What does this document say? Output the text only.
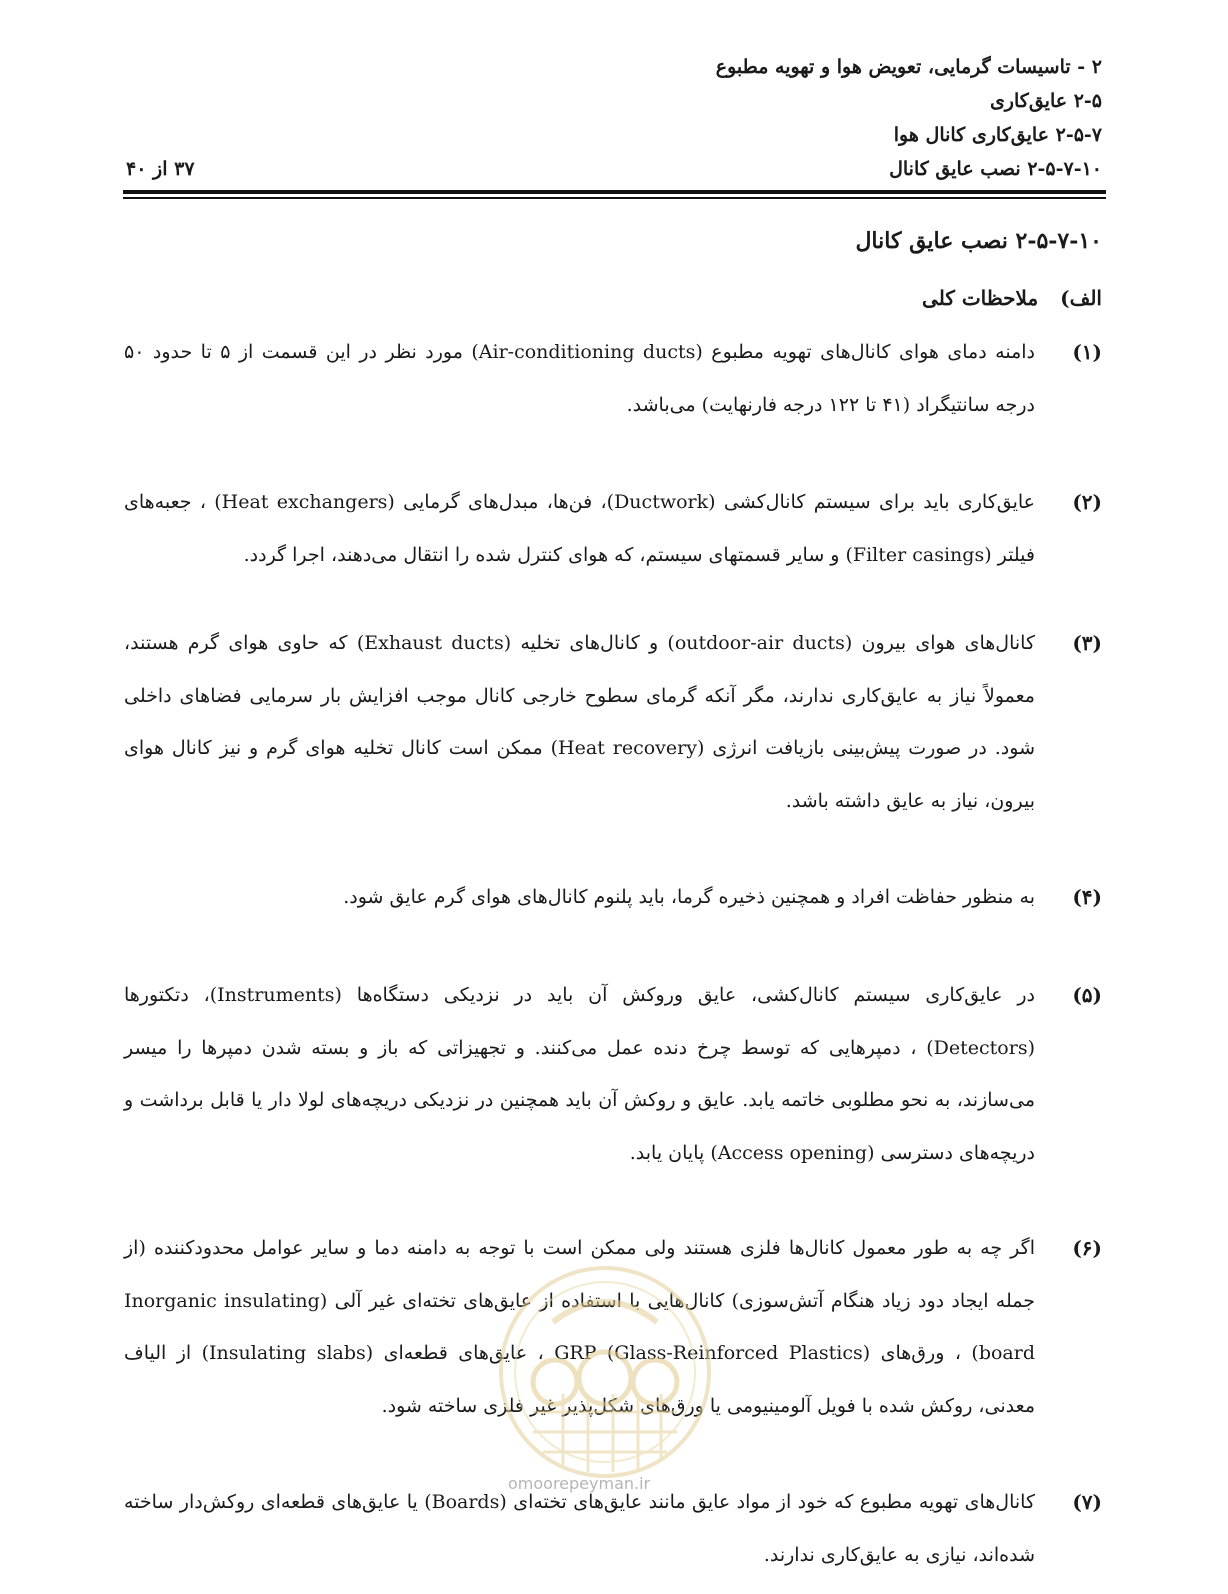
۲ - تاسیسات گرمایی، تعویض هوا و تهویه مطبوع
۲-۵ عایق‌کاری
۲-۵-۷ عایق‌کاری کانال هوا
۲-۵-۷-۱۰ نصب عایق کانال
۳۷ از ۴۰
۲-۵-۷-۱۰ نصب عایق کانال
الف)ملاحظات کلی
(۱)
دامنه دمای هوای کانال‌های تهویه مطبوع (Air-conditioning ducts) مورد نظر در این قسمت از ۵ تا حدود ۵۰ درجه سانتیگراد (۴۱ تا ۱۲۲ درجه فارنهایت) می‌باشد.
(۲)
عایق‌کاری باید برای سیستم کانال‌کشی (Ductwork)، فن‌ها، مبدل‌های گرمایی (Heat exchangers) ، جعبه‌های فیلتر (Filter casings) و سایر قسمتهای سیستم، که هوای کنترل شده را انتقال می‌دهند، اجرا گردد.
(۳)
کانال‌های هوای بیرون (outdoor-air ducts) و کانال‌های تخلیه (Exhaust ducts) که حاوی هوای گرم هستند، معمولاً نیاز به عایق‌کاری ندارند، مگر آنکه گرمای سطوح خارجی کانال موجب افزایش بار سرمایی فضاهای داخلی شود. در صورت پیش‌بینی بازیافت انرژی (Heat recovery) ممکن است کانال تخلیه هوای گرم و نیز کانال هوای بیرون، نیاز به عایق داشته باشد.
(۴)
به منظور حفاظت افراد و همچنین ذخیره گرما، باید پلنوم کانال‌های هوای گرم عایق شود.
(۵)
در عایق‌کاری سیستم کانال‌کشی، عایق وروکش آن باید در نزدیکی دستگاه‌ها (Instruments)، دتکتورها (Detectors) ، دمپرهایی که توسط چرخ دنده عمل می‌کنند. و تجهیزاتی که باز و بسته شدن دمپرها را میسر می‌سازند، به نحو مطلوبی خاتمه یابد. عایق و روکش آن باید همچنین در نزدیکی دریچه‌های لولا دار یا قابل برداشت و دریچه‌های دسترسی (Access opening) پایان یابد.
(۶)
اگر چه به طور معمول کانال‌ها فلزی هستند ولی ممکن است با توجه به دامنه دما و سایر عوامل محدودکننده (از جمله ایجاد دود زیاد هنگام آتش‌سوزی) کانال‌هایی با استفاده از عایق‌های تخته‌ای غیر آلی (Inorganic insulating board) ، ورق‌های GRP (Glass-Reinforced Plastics) ، عایق‌های قطعه‌ای (Insulating slabs) از الیاف معدنی، روکش شده با فویل آلومینیومی یا ورق‌های شکل‌پذیر غیر فلزی ساخته شود.
(۷)
کانال‌های تهویه مطبوع که خود از مواد عایق مانند عایق‌های تخته‌ای (Boards) یا عایق‌های قطعه‌ای روکش‌دار ساخته شده‌اند، نیازی به عایق‌کاری ندارند.
omoorepeyman.ir
